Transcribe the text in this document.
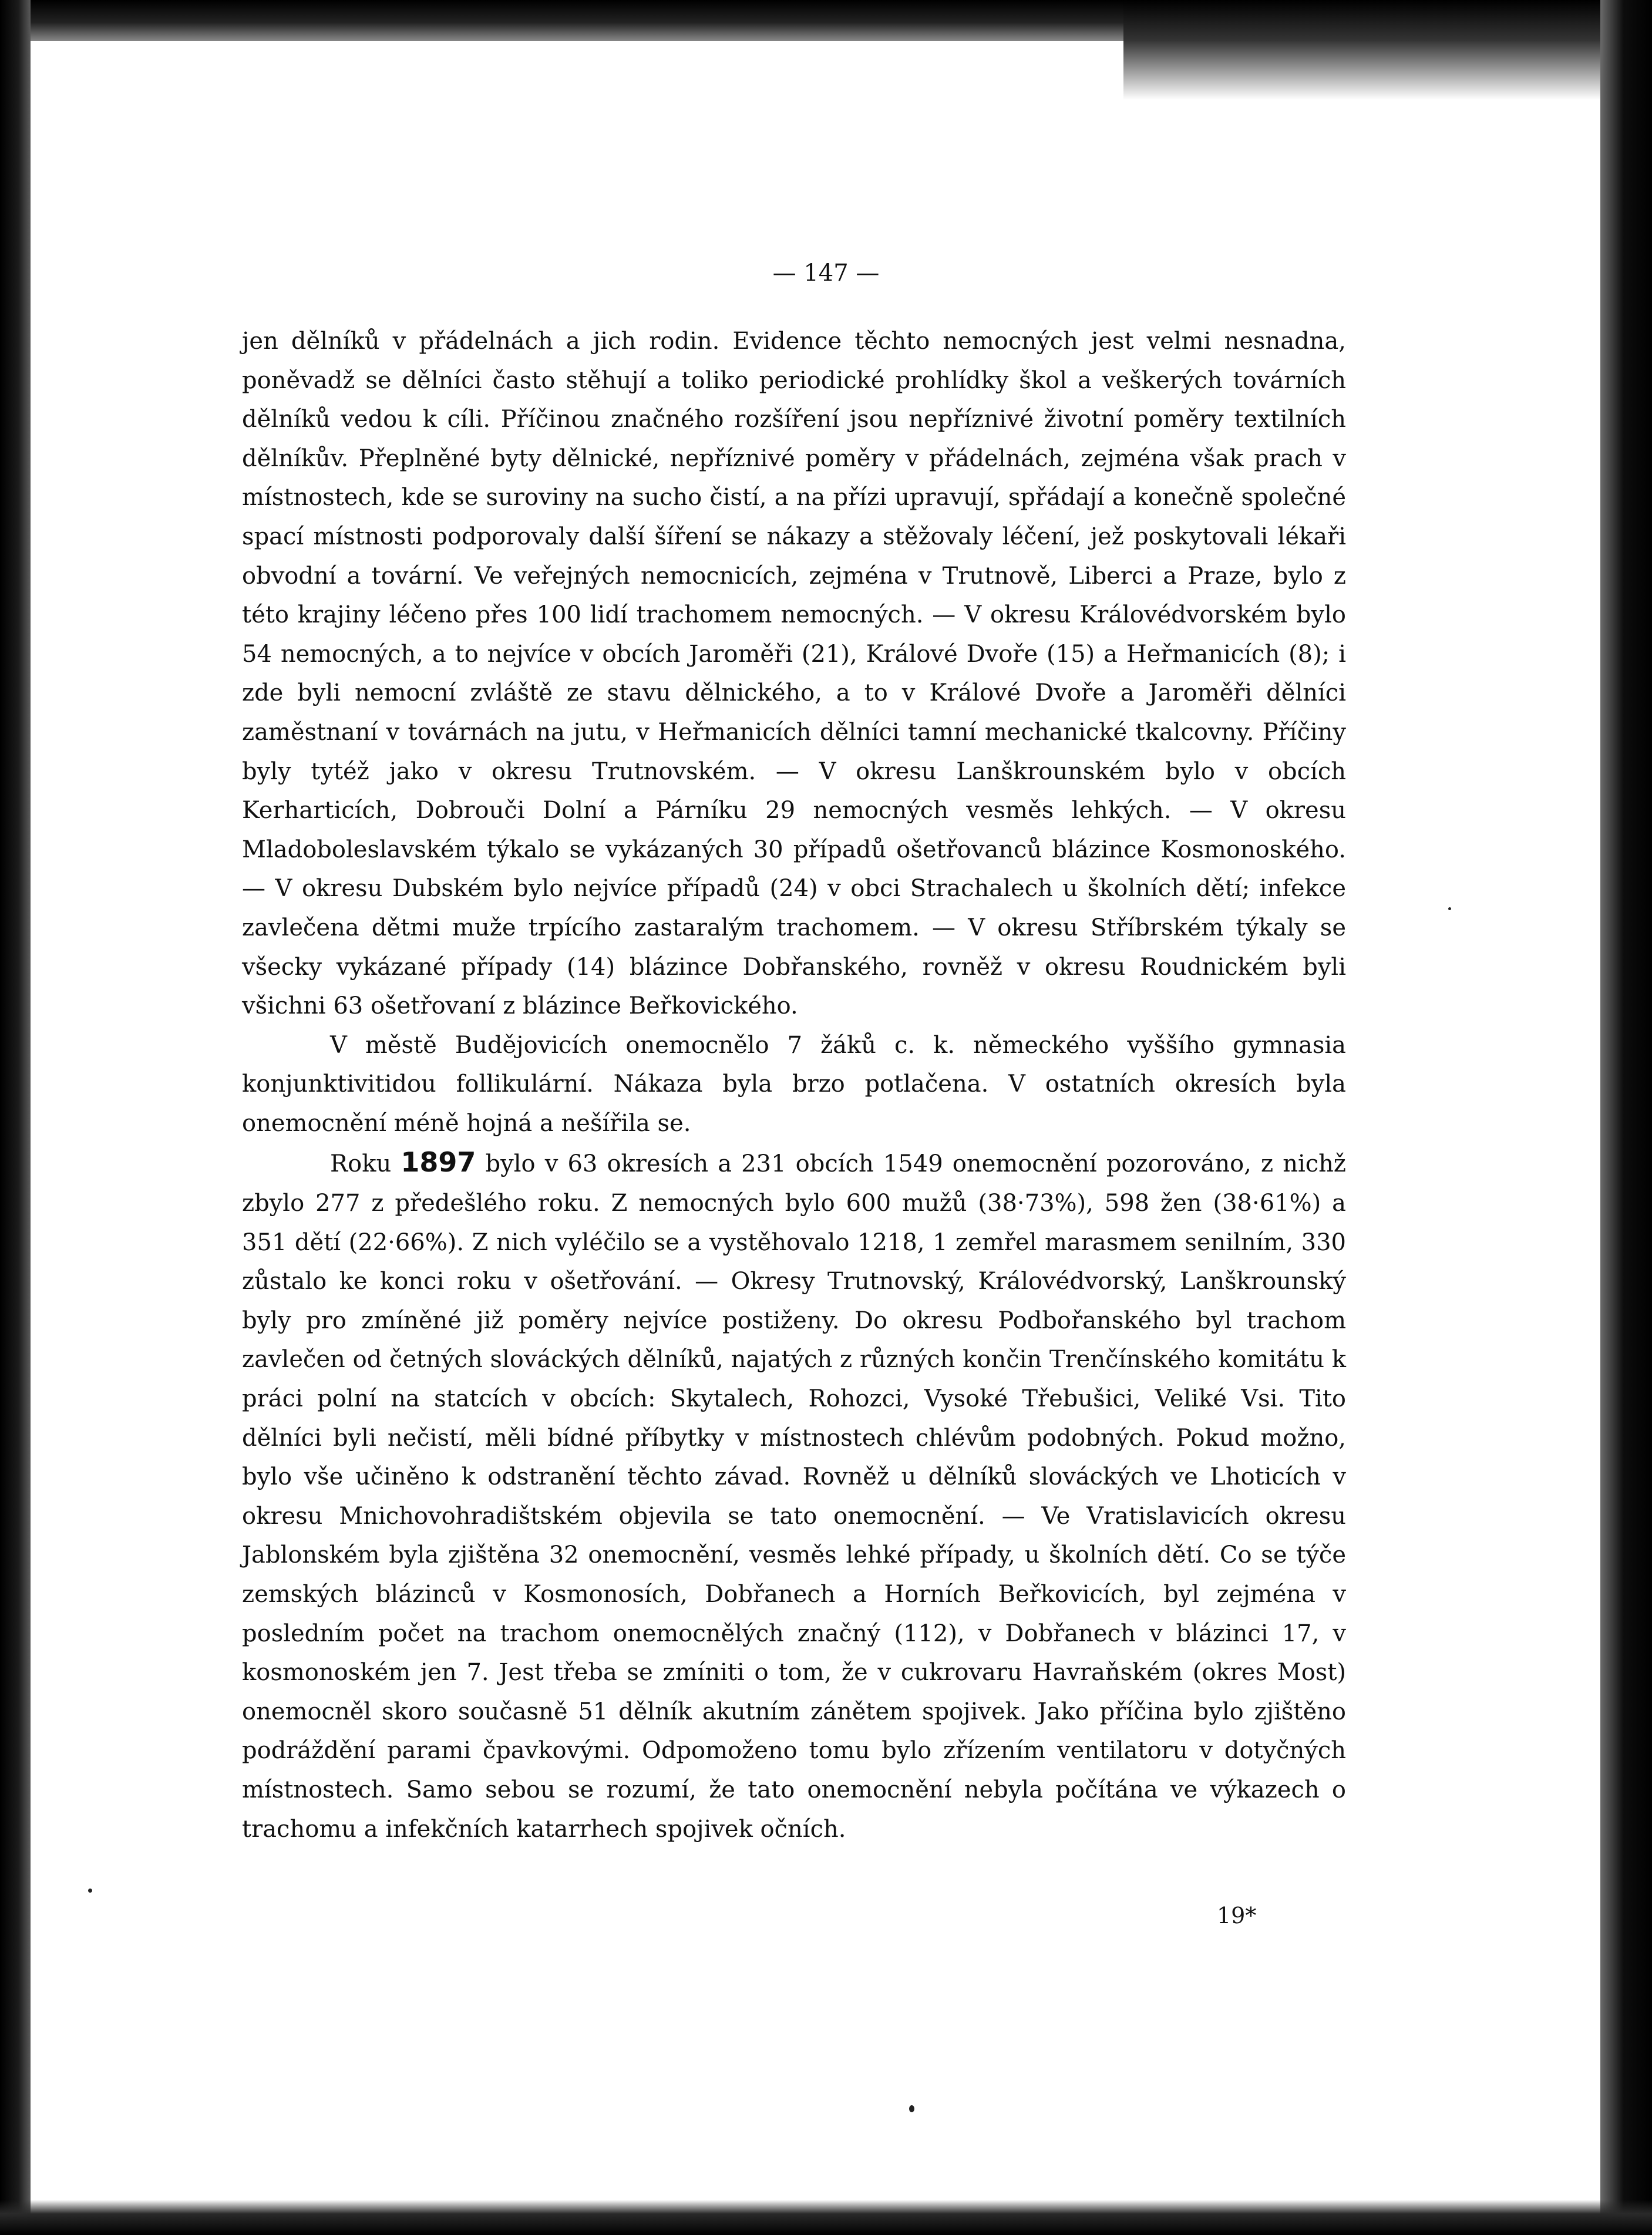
— 147 —

jen dělníků v přádelnách a jich rodin. Evidence těchto nemocných jest velmi nesnadna, poněvadž se dělníci často stěhují a toliko periodické prohlídky škol a veškerých továrních dělníků vedou k cíli. Příčinou značného rozšíření jsou nepříznivé životní poměry textilních dělníkův. Přeplněné byty dělnické, nepříznivé poměry v přádelnách, zejména však prach v místnostech, kde se suroviny na sucho čistí, a na přízi upravují, spřádají a konečně společné spací místnosti podporovaly další šíření se nákazy a stěžovaly léčení, jež poskytovali lékaři obvodní a tovární. Ve veřejných nemocnicích, zejména v Trutnově, Liberci a Praze, bylo z této krajiny léčeno přes 100 lidí trachomem nemocných. — V okresu Královédvorském bylo 54 nemocných, a to nejvíce v obcích Jaroměři (21), Králové Dvoře (15) a Heřmanicích (8); i zde byli nemocní zvláště ze stavu dělnického, a to v Králové Dvoře a Jaroměři dělníci zaměstnaní v továrnách na jutu, v Heřmanicích dělníci tamní mechanické tkalcovny. Příčiny byly tytéž jako v okresu Trutnovském. — V okresu Lanškrounském bylo v obcích Kerharticích, Dobrouči Dolní a Párníku 29 nemocných vesměs lehkých. — V okresu Mladoboleslavském týkalo se vykázaných 30 případů ošetřovanců blázince Kosmonoského. — V okresu Dubském bylo nejvíce případů (24) v obci Strachalech u školních dětí; infekce zavlečena dětmi muže trpícího zastaralým trachomem. — V okresu Stříbrském týkaly se všecky vykázané případy (14) blázince Dobřanského, rovněž v okresu Roudnickém byli všichni 63 ošetřovaní z blázince Beřkovického.

V městě Budějovicích onemocnělo 7 žáků c. k. německého vyššího gymnasia konjunktivitidou follikulární. Nákaza byla brzo potlačena. V ostatních okresích byla onemocnění méně hojná a nešířila se.

Roku 1897 bylo v 63 okresích a 231 obcích 1549 onemocnění pozorováno, z nichž zbylo 277 z předešlého roku. Z nemocných bylo 600 mužů (38·73%), 598 žen (38·61%) a 351 dětí (22·66%). Z nich vyléčilo se a vystěhovalo 1218, 1 zemřel marasmem senilním, 330 zůstalo ke konci roku v ošetřování. — Okresy Trutnovský, Královédvorský, Lanškrounský byly pro zmíněné již poměry nejvíce postiženy. Do okresu Podbořanského byl trachom zavlečen od četných slováckých dělníků, najatých z různých končin Trenčínského komitátu k práci polní na statcích v obcích: Skytalech, Rohozci, Vysoké Třebušici, Veliké Vsi. Tito dělníci byli nečistí, měli bídné příbytky v místnostech chlévům podobných. Pokud možno, bylo vše učiněno k odstranění těchto závad. Rovněž u dělníků slováckých ve Lhoticích v okresu Mnichovohradištském objevila se tato onemocnění. — Ve Vratislavicích okresu Jablonském byla zjištěna 32 onemocnění, vesměs lehké případy, u školních dětí. Co se týče zemských blázinců v Kosmonosích, Dobřanech a Horních Beřkovicích, byl zejména v posledním počet na trachom onemocnělých značný (112), v Dobřanech v blázinci 17, v kosmonoském jen 7. Jest třeba se zmíniti o tom, že v cukrovaru Havraňském (okres Most) onemocněl skoro současně 51 dělník akutním zánětem spojivek. Jako příčina bylo zjištěno podráždění parami čpavkovými. Odpomoženo tomu bylo zřízením ventilatoru v dotyčných místnostech. Samo sebou se rozumí, že tato onemocnění nebyla počítána ve výkazech o trachomu a infekčních katarrhech spojivek očních.

19*
